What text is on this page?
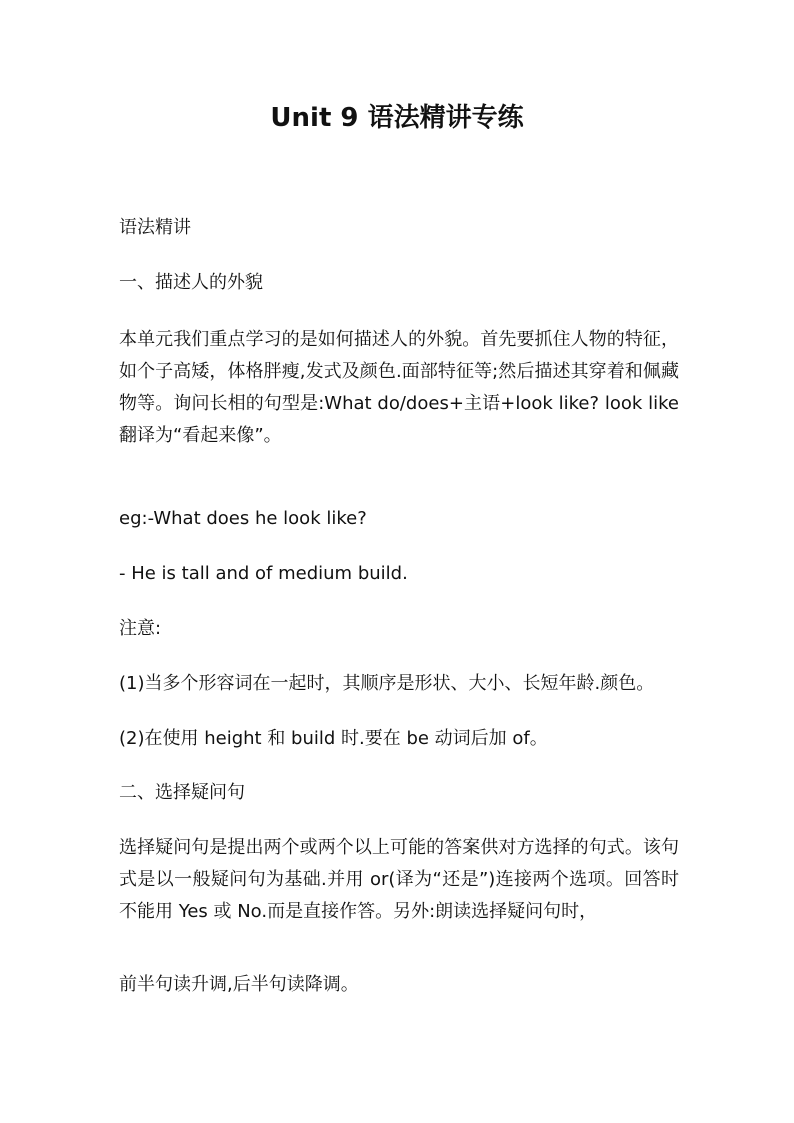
Unit 9 语法精讲专练
语法精讲
一、描述人的外貌
本单元我们重点学习的是如何描述人的外貌。首先要抓住人物的特征，如个子高矮，体格胖瘦,发式及颜色.面部特征等;然后描述其穿着和佩藏物等。询问长相的句型是:What do/does+主语+look like? look like 翻译为“看起来像”。
eg:-What does he look like?
- He is tall and of medium build.
注意:
(1)当多个形容词在一起时，其顺序是形状、大小、长短年龄.颜色。
(2)在使用 height 和 build 时.要在 be 动词后加 of。
二、选择疑问句
选择疑问句是提出两个或两个以上可能的答案供对方选择的句式。该句式是以一般疑问句为基础.并用 or(译为“还是”)连接两个选项。回答时不能用 Yes 或 No.而是直接作答。另外:朗读选择疑问句时，
前半句读升调,后半句读降调。
